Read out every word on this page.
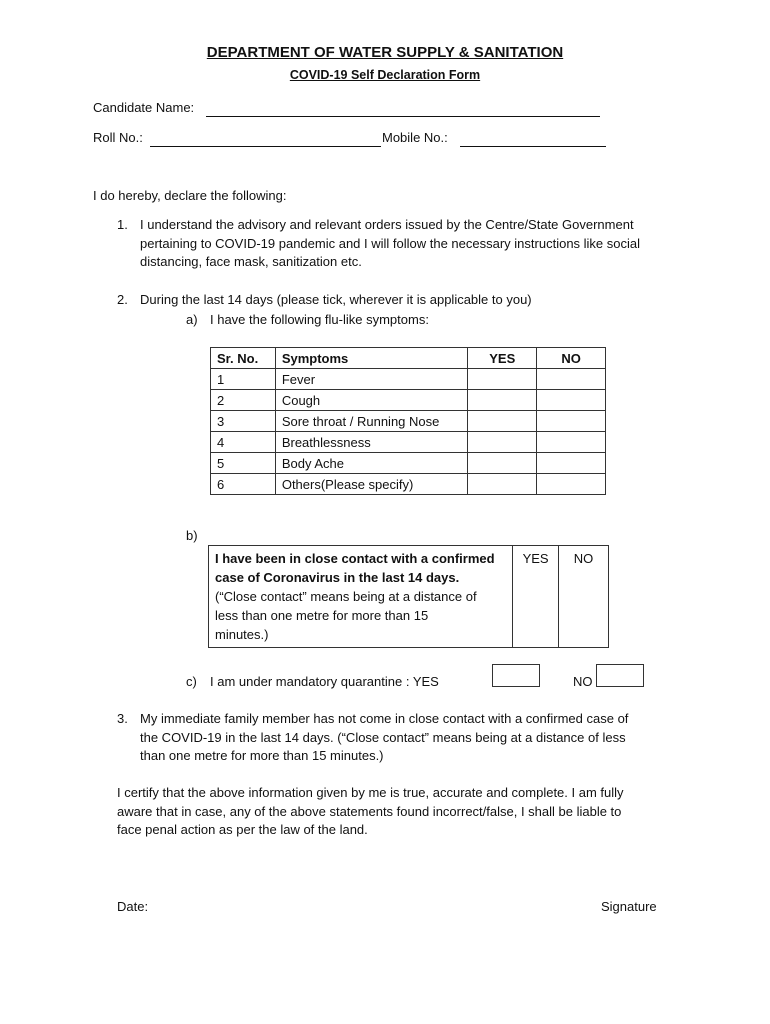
DEPARTMENT OF WATER SUPPLY & SANITATION
COVID-19 Self Declaration Form
Candidate Name:
Roll No.:	Mobile No.:
I do hereby, declare the following:
1. I understand the advisory and relevant orders issued by the Centre/State Government
pertaining to COVID-19 pandemic and I will follow the necessary instructions like social
distancing, face mask, sanitization etc.
2. During the last 14 days (please tick, wherever it is applicable to you)
a) I have the following flu-like symptoms:
Sr. No.	Symptoms	YES	NO
1	Fever		
2	Cough		
3	Sore throat / Running Nose		
4	Breathlessness		
5	Body Ache		
6	Others(Please specify)		
b)
I have been in close contact with a confirmed
case of Coronavirus in the last 14 days.
(“Close contact” means being at a distance of
less than one metre for more than 15
minutes.)
	YES	NO
c) I am under mandatory quarantine : YES	NO
3. My immediate family member has not come in close contact with a confirmed case of
the COVID-19 in the last 14 days. (“Close contact” means being at a distance of less
than one metre for more than 15 minutes.)
I certify that the above information given by me is true, accurate and complete. I am fully
aware that in case, any of the above statements found incorrect/false, I shall be liable to
face penal action as per the law of the land.
Date:	Signature
